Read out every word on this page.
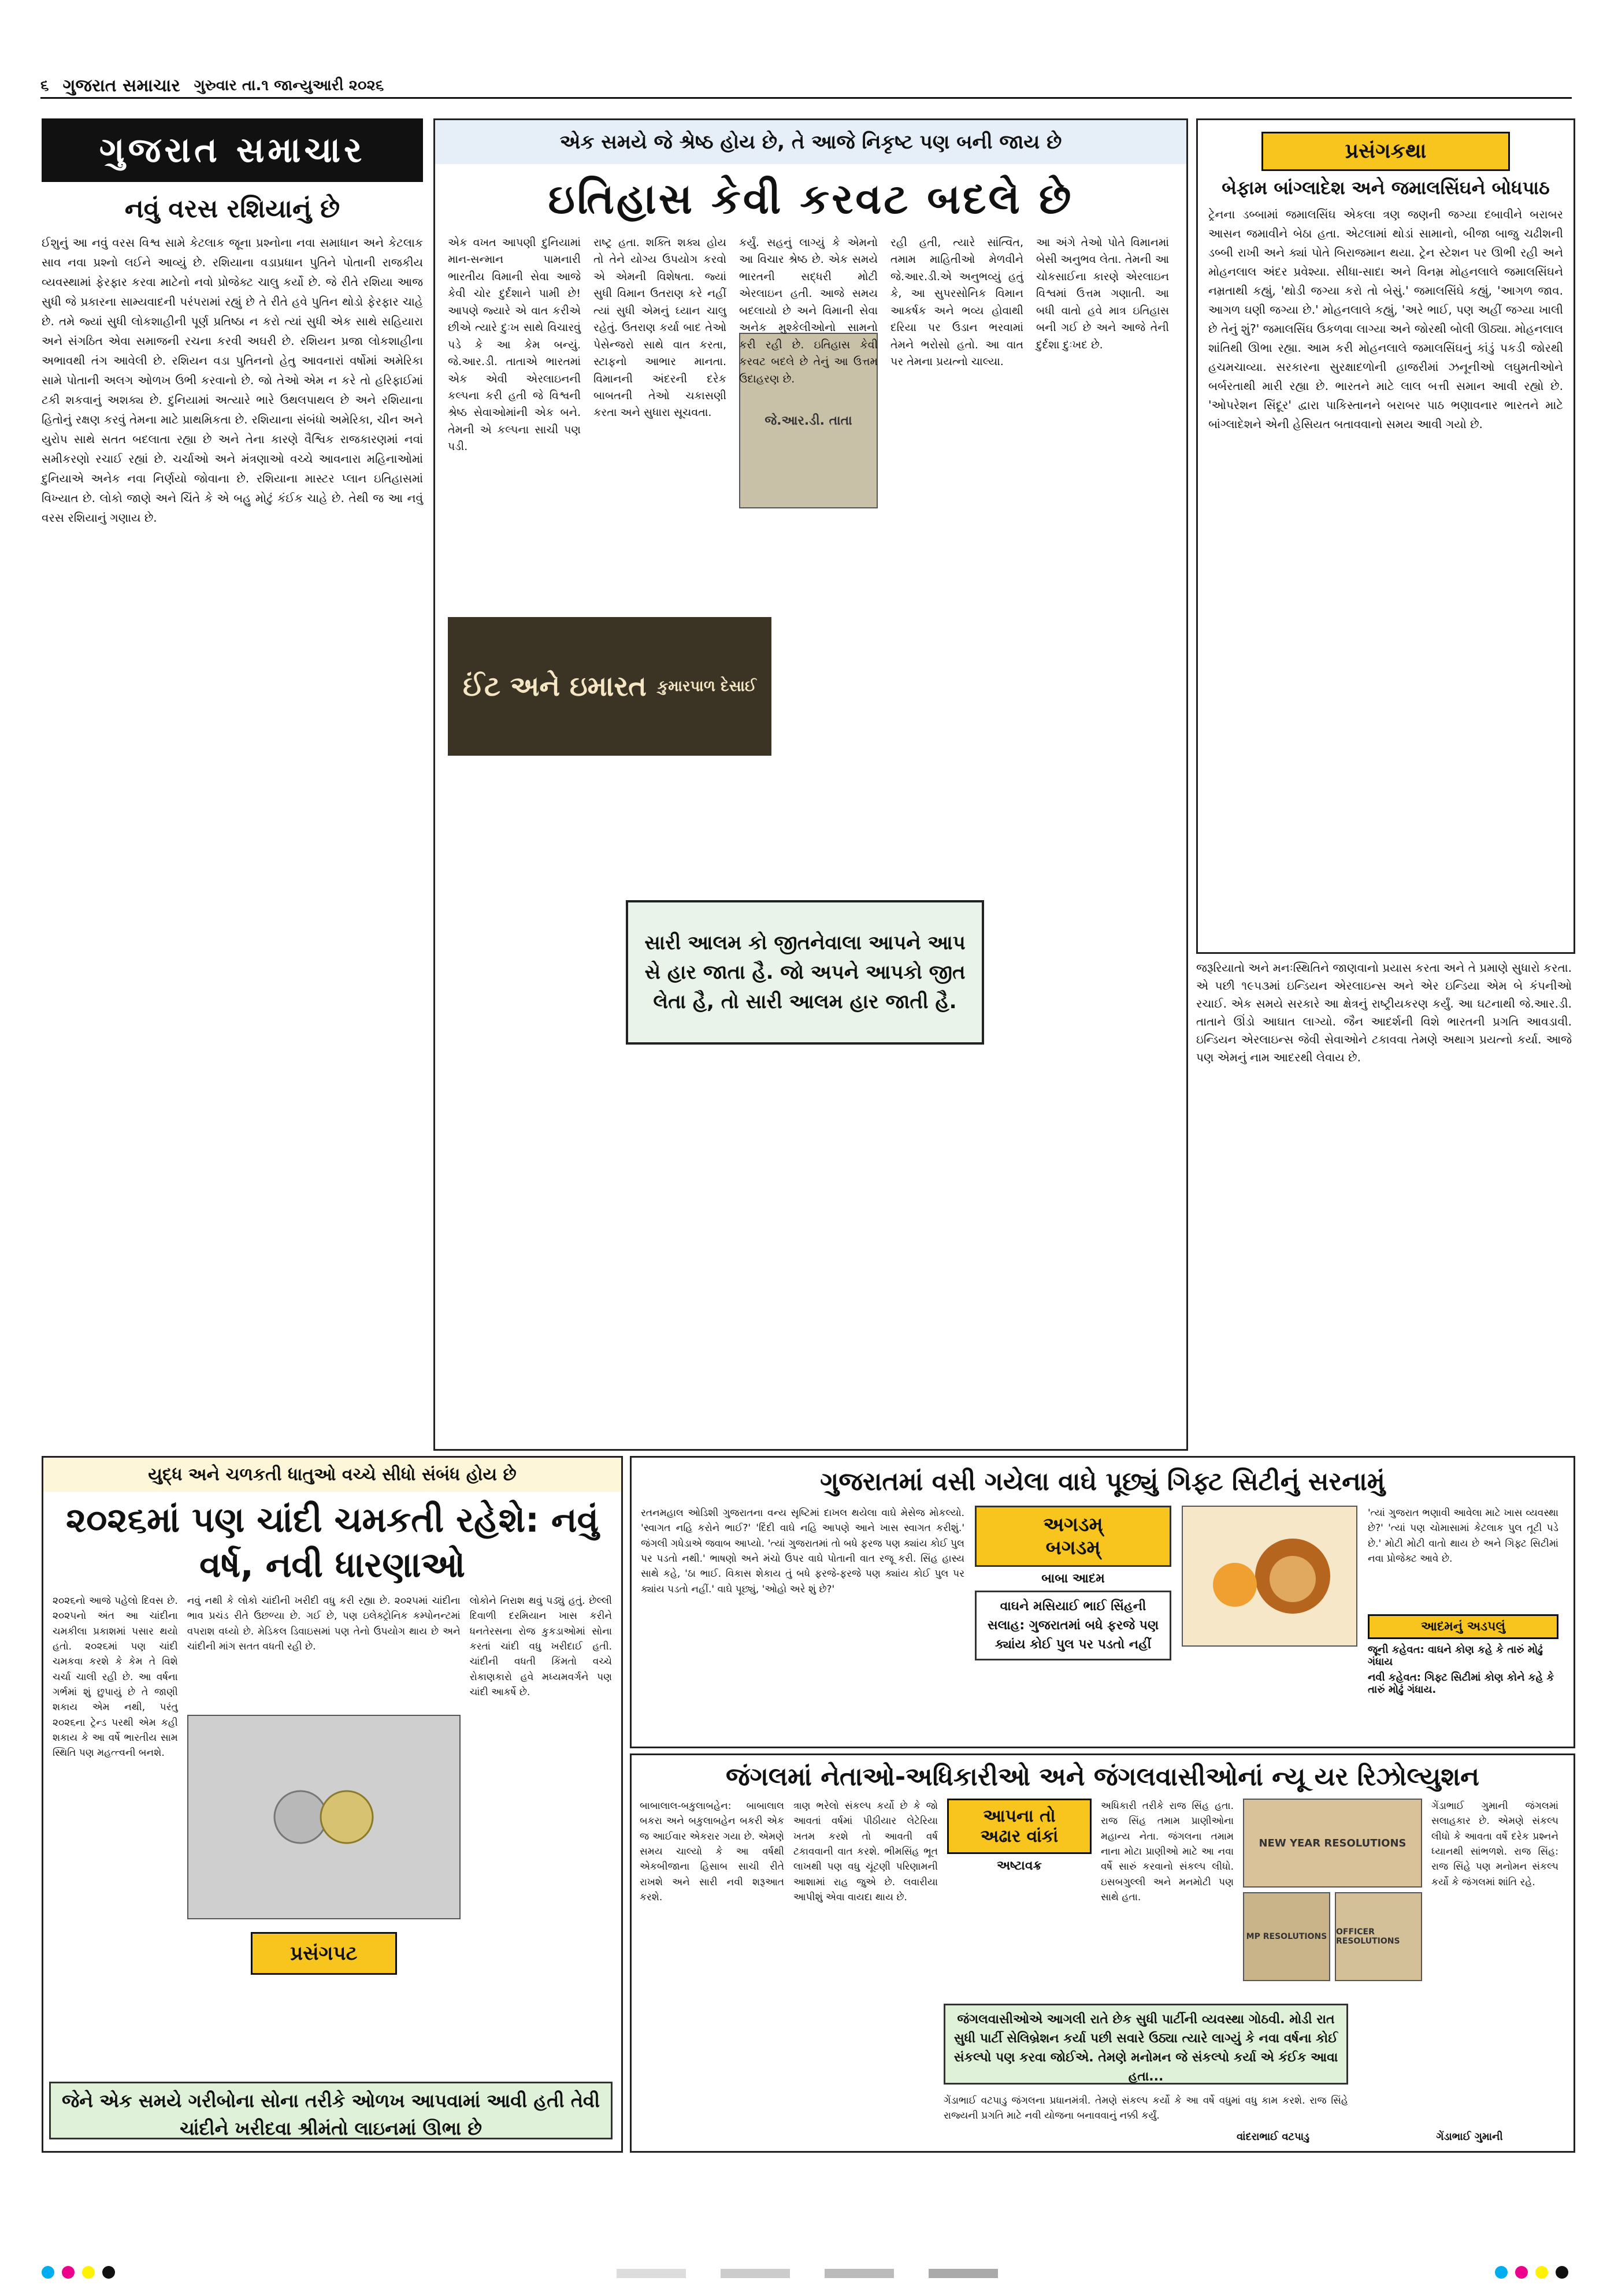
૬ ગુજરાત સમાચાર ગુરુવાર તા.૧ જાન્યુઆરી ૨૦૨૬
ગુજરાત સમાચાર
નવું વરસ રશિયાનું છે
ઈશુનું આ નવું વરસ વિશ્વ સામે કેટલાક જૂના પ્રશ્નોના નવા સમાધાન અને કેટલાક સાવ નવા પ્રશ્નો લઈને આવ્યું છે. રશિયાના વડાપ્રધાન પુતિને પોતાની રાજકીય વ્યવસ્થામાં ફેરફાર કરવા માટેનો નવો પ્રોજેક્ટ ચાલુ કર્યો છે. જે રીતે રશિયા આજ સુધી જે પ્રકારના સામ્યવાદની પરંપરામાં રહ્યું છે તે રીતે હવે પુતિન થોડો ફેરફાર ચાહે છે. તમે જ્યાં સુધી લોકશાહીની પૂર્ણ પ્રતિષ્ઠા ન કરો ત્યાં સુધી એક સાથે સહિયારા અને સંગઠિત એવા સમાજની રચના કરવી અઘરી છે. રશિયન પ્રજા લોકશાહીના અભાવથી તંગ આવેલી છે. રશિયન વડા પુતિનનો હેતુ આવનારાં વર્ષોમાં અમેરિકા સામે પોતાની અલગ ઓળખ ઉભી કરવાનો છે. જો તેઓ એમ ન કરે તો હરિફાઈમાં ટકી શકવાનું અશક્ય છે. દુનિયામાં અત્યારે ભારે ઉથલપાથલ છે અને રશિયાના હિતોનું રક્ષણ કરવું તેમના માટે પ્રાથમિકતા છે. રશિયાના સંબંધો અમેરિકા, ચીન અને યુરોપ સાથે સતત બદલાતા રહ્યા છે અને તેના કારણે વૈશ્વિક રાજકારણમાં નવાં સમીકરણો રચાઈ રહ્યાં છે. ચર્ચાઓ અને મંત્રણાઓ વચ્ચે આવનારા મહિનાઓમાં દુનિયાએ અનેક નવા નિર્ણયો જોવાના છે. રશિયાના માસ્ટર પ્લાન ઇતિહાસમાં વિખ્યાત છે. લોકો જાણે અને ચિંતે કે એ બહુ મોટું કંઈક ચાહે છે. તેથી જ આ નવું વરસ રશિયાનું ગણાય છે.
એક સમયે જે શ્રેષ્ઠ હોય છે, તે આજે નિકૃષ્ટ પણ બની જાય છે
ઇતિહાસ કેવી કરવટ બદલે છે
એક વખત આપણી દુનિયામાં માન-સન્માન પામનારી ભારતીય વિમાની સેવા આજે કેવી ચોર દુર્દશાને પામી છે! આપણે જ્યારે એ વાત કરીએ છીએ ત્યારે દુઃખ સાથે વિચારવું પડે કે આ કેમ બન્યું. જે.આર.ડી. તાતાએ ભારતમાં એક એવી એરલાઇનની કલ્પના કરી હતી જે વિશ્વની શ્રેષ્ઠ સેવાઓમાંની એક બને. તેમની એ કલ્પના સાચી પણ પડી.
રાષ્ટ્ર હતા. શક્તિ શક્ય હોય તો તેને યોગ્ય ઉપયોગ કરવો એ એમની વિશેષતા. જ્યાં સુધી વિમાન ઉતરાણ કરે નહીં ત્યાં સુધી એમનું ઘ્યાન ચાલુ રહેતું. ઉતરાણ કર્યા બાદ તેઓ પેસેન્જરો સાથે વાત કરતા, સ્ટાફનો આભાર માનતા. વિમાનની અંદરની દરેક બાબતની તેઓ ચકાસણી કરતા અને સુધારા સૂચવતા.
કર્યું. સહનું લાગ્યું કે એમનો આ વિચાર શ્રેષ્ઠ છે. એક સમયે ભારતની સદ્ધરી મોટી એરલાઇન હતી. આજે સમય બદલાયો છે અને વિમાની સેવા અનેક મુશ્કેલીઓનો સામનો કરી રહી છે. ઇતિહાસ કેવી કરવટ બદલે છે તેનું આ ઉત્તમ ઉદાહરણ છે.
જે.આર.ડી. તાતા
રહી હતી, ત્યારે સાંત્વિત, તમામ માહિતીઓ મેળવીને જે.આર.ડી.એ અનુભવ્યું હતું કે, આ સુપરસોનિક વિમાન આકર્ષક અને ભવ્ય હોવાથી દરિયા પર ઉડાન ભરવામાં તેમને ભરોસો હતો. આ વાત પર તેમના પ્રયત્નો ચાલ્યા.
આ અંગે તેઓ પોતે વિમાનમાં બેસી અનુભવ લેતા. તેમની આ ચોકસાઈના કારણે એરલાઇન વિશ્વમાં ઉત્તમ ગણાતી. આ બધી વાતો હવે માત્ર ઇતિહાસ બની ગઈ છે અને આજે તેની દુર્દશા દુઃખદ છે.
ઈંટ અને ઇમારત કુમારપાળ દેસાઈ
સારી આલમ કો જીતનેવાલા આપને આપ સે હાર જાતા હૈ. જો અપને આપકો જીત લેતા હૈ, તો સારી આલમ હાર જાતી હૈ.
પ્રસંગકથા
બેફામ બાંગ્લાદેશ અને જમાલસિંઘને બોધપાઠ
ટ્રેનના ડબ્બામાં જમાલસિંઘ એકલા ત્રણ જણની જગ્યા દબાવીને બરાબર આસન જમાવીને બેઠા હતા. એટલામાં થોડાં સામાનો, બીજા બાજુ ચઢીશની ડબ્બી રાખી અને ક્યાં પોતે બિરાજમાન થયા. ટ્રેન સ્ટેશન પર ઊભી રહી અને મોહનલાલ અંદર પ્રવેશ્યા. સીધા-સાદા અને વિનમ્ર મોહનલાલે જમાલસિંઘને નમ્રતાથી કહ્યું, 'થોડી જગ્યા કરો તો બેસું.' જમાલસિંઘે કહ્યું, 'આગળ જાવ. આગળ ઘણી જગ્યા છે.' મોહનલાલે કહ્યું, 'અરે ભાઈ, પણ અહીં જગ્યા ખાલી છે તેનું શું?' જમાલસિંઘ ઉકળવા લાગ્યા અને જોરથી બોલી ઊઠ્યા. મોહનલાલ શાંતિથી ઊભા રહ્યા. આમ કરી મોહનલાલે જમાલસિંઘનું કાંડું પકડી જોરથી હચમચાવ્યા. સરકારના સુરક્ષાદળોની હાજરીમાં ઝનૂનીઓ લઘુમતીઓને બર્બરતાથી મારી રહ્યા છે. ભારતને માટે લાલ બત્તી સમાન આવી રહ્યો છે. 'ઓપરેશન સિંદૂર' દ્વારા પાકિસ્તાનને બરાબર પાઠ ભણાવનાર ભારતને માટે બાંગ્લાદેશને એની હેસિયત બતાવવાનો સમય આવી ગયો છે.
જરૂરિયાતો અને મનઃસ્થિતિને જાણવાનો પ્રયાસ કરતા અને તે પ્રમાણે સુધારો કરતા. એ પછી ૧૯૫૩માં ઇન્ડિયન એરલાઇન્સ અને એર ઇન્ડિયા એમ બે કંપનીઓ રચાઈ. એક સમયે સરકારે આ ક્ષેત્રનું રાષ્ટ્રીયકરણ કર્યું. આ ઘટનાથી જે.આર.ડી. તાતાને ઊંડો આઘાત લાગ્યો. જૈન આદર્શની વિશે ભારતની પ્રગતિ આવડાવી. ઇન્ડિયન એરલાઇન્સ જેવી સેવાઓને ટકાવવા તેમણે અથાગ પ્રયત્નો કર્યા. આજે પણ એમનું નામ આદરથી લેવાય છે.
યુદ્ધ અને ચળકતી ધાતુઓ વચ્ચે સીધો સંબંધ હોય છે
૨૦૨૬માં પણ ચાંદી ચમકતી રહેશે: નવું વર્ષ, નવી ધારણાઓ
૨૦૨૬નો આજે પહેલો દિવસ છે. ૨૦૨૫નો અંત આ ચાંદીના ચમકીલા પ્રકાશમાં પસાર થયો હતો. ૨૦૨૬માં પણ ચાંદી ચમકવા કરશે કે કેમ તે વિશે ચર્ચા ચાલી રહી છે. આ વર્ષના ગર્ભમાં શું છુપાયું છે તે જાણી શકાય એમ નથી, પરંતુ ૨૦૨૬ના ટ્રેન્ડ પરથી એમ કહી શકાય કે આ વર્ષે ભારતીય સામ સ્થિતિ પણ મહત્ત્વની બનશે.
નવું નથી કે લોકો ચાંદીની ખરીદી વધુ કરી રહ્યા છે. ૨૦૨૫માં ચાંદીના ભાવ પ્રચંડ રીતે ઉછળ્યા છે. ગઈ છે, પણ ઇલેક્ટ્રોનિક કમ્પોનન્ટમાં વપરાશ વધ્યો છે. મેડિકલ ડિવાઇસમાં પણ તેનો ઉપયોગ થાય છે અને ચાંદીની માંગ સતત વધતી રહી છે.
પ્રસંગપટ
લોકોને નિરાશ થવું પડ્યું હતું. છેલ્લી દિવાળી દરમિયાન ખાસ કરીને ધનતેરસના રોજ કુકડાઓમાં સોના કરતાં ચાંદી વધુ ખરીદાઈ હતી. ચાંદીની વધતી કિંમતો વચ્ચે રોકાણકારો હવે મધ્યમવર્ગને પણ ચાંદી આકર્ષે છે.
જેને એક સમયે ગરીબોના સોના તરીકે ઓળખ આપવામાં આવી હતી તેવી ચાંદીને ખરીદવા શ્રીમંતો લાઇનમાં ઊભા છે
ગુજરાતમાં વસી ગયેલા વાઘે પૂછ્યું ગિફ્ટ સિટીનું સરનામું
રતનમહાલ ઓડિશી ગુજરાતના વન્ય સૃષ્ટિમાં દાખલ થયેલા વાઘે મેસેજ મોકલ્યો. 'સ્વાગત નહિ કરોને ભાઈ?' 'દિંદી વાઘે નહિ આપણે આને ખાસ સ્વાગત કરીશું.' જંગલી ગધેડાએ જવાબ આપ્યો. 'ત્યાં ગુજરાતમાં તો બધે ફરજ પણ ક્યાંય કોઈ પુલ પર પડતો નથી.' ભાષણો અને મંચો ઉપર વાઘે પોતાની વાત રજૂ કરી. સિંહ હાસ્ય સાથે કહે, 'ઠા ભાઈ. વિકાસ શેકાય તું બધે ફરજે-ફરજે પણ ક્યાંય કોઈ પુલ પર ક્યાંય પડતો નહીં.' વાઘે પૂછ્યું, 'ઓહો અરે શું છે?'
અગડમ્
બગડમ્
બાબા આદમ
વાઘને મસિયાઈ ભાઈ સિંહની સલાહ: ગુજરાતમાં બધે ફરજે પણ ક્યાંય કોઈ પુલ પર પડતો નહીં
'ત્યાં ગુજરાત ભણાવી આવેલા માટે ખાસ વ્યવસ્થા છે?' 'ત્યાં પણ ચોમાસામાં કેટલાક પુલ તૂટી પડે છે.' મોટી મોટી વાતો થાય છે અને ગિફ્ટ સિટીમાં નવા પ્રોજેક્ટ આવે છે.
આદમનું અડપલું
જૂની કહેવત: વાઘને કોણ કહે કે તારું મોઢું ગંધાય
નવી કહેવત: ગિફ્ટ સિટીમાં કોણ કોને કહે કે તારું મોઢું ગંધાય.
જંગલમાં નેતાઓ-અધિકારીઓ અને જંગલવાસીઓનાં ન્યૂ યર રિઝોલ્યુશન
બાબાલાલ-બકુલાબહેન: બાબાલાલ બકરા અને બકુલાબહેન બકરી એક જ આઈવાર એકરાર ગયા છે. એમણે સમય ચાલ્યો કે આ વર્ષથી એકબીજાના હિસાબ સાચી રીતે રાખશે અને સારી નવી શરૂઆત કરશે.
ત્રાણ ભરેલો સંકલ્પ કર્યો છે કે જો આવતાં વર્ષમાં પીઠીયાર લેટેરિયા ખતમ કરશે તો આવતી વર્ષ ટકાવવાની વાત કરશે. ભીમસિંહ ભૂત લાખથી પણ વધુ ચૂંટણી પરિણામની આશામાં રાહ જુએ છે. લવારીયા આપીશું એવા વાયદા થાય છે.
આપના તો
અઢાર વાંકાં
અષ્ટાવક્ર
અધિકારી તરીકે રાજ સિંહ હતા. રાજ સિંહ તમામ પ્રાણીઓના મહાન્ય નેતા. જંગલના તમામ નાના મોટા પ્રાણીઓ માટે આ નવા વર્ષે સારું કરવાનો સંકલ્પ લીધો. ઇસબગુલ્લી અને મનમોટી પણ સાથે હતા.
NEW YEAR RESOLUTIONS
MP RESOLUTIONS OFFICER RESOLUTIONS
ગેંડાભાઈ ગુમાની જંગલમાં સલાહકાર છે. એમણે સંકલ્પ લીધો કે આવતા વર્ષે દરેક પ્રશ્નને ધ્યાનથી સાંભળશે. રાજ સિંહ: રાજ સિંહે પણ મનોમન સંકલ્પ કર્યો કે જંગલમાં શાંતિ રહે.
જંગલવાસીઓએ આગલી રાતે છેક સુધી પાર્ટીની વ્યવસ્થા ગોઠવી. મોડી રાત સુધી પાર્ટી સેલિબ્રેશન કર્યા પછી સવારે ઉઠ્યા ત્યારે લાગ્યું કે નવા વર્ષના કોઈ સંકલ્પો પણ કરવા જોઈએ. તેમણે મનોમન જે સંકલ્પો કર્યા એ કંઈક આવા હતા...
ગેંડાભાઈ વટપાડુ જંગલના પ્રધાનમંત્રી. તેમણે સંકલ્પ કર્યો કે આ વર્ષે વધુમાં વધુ કામ કરશે. રાજ સિંહે રાજ્યની પ્રગતિ માટે નવી યોજના બનાવવાનું નક્કી કર્યું.
વાંદરાભાઈ વટપાડુ	ગેંડાભાઈ ગુમાની
